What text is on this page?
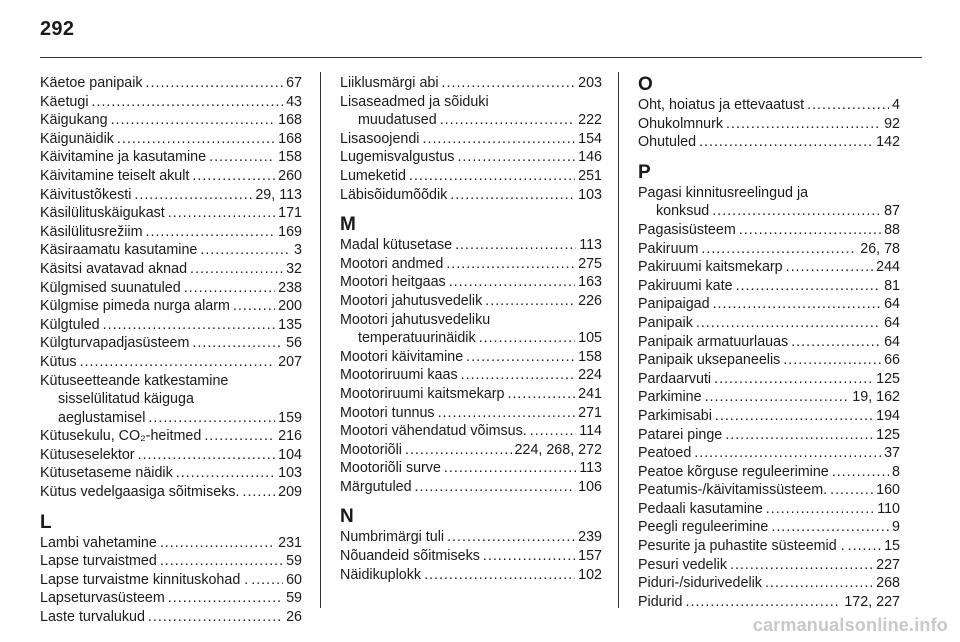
292
Käetoe panipaik .....	67
Käetugi .....	43
Käigukang .....	168
Käigunäidik .....	168
Käivitamine ja kasutamine .....	158
Käivitamine teiselt akult .....	260
Käivitustõkesti .....	29, 113
Käsilülituskäigukast .....	171
Käsilülitusrežiim .....	169
Käsiraamatu kasutamine .....	3
Käsitsi avatavad aknad .....	32
Külgmised suunatuled .....	238
Külgmise pimeda nurga alarm .....	200
Külgtuled .....	135
Külgturvapadjasüsteem .....	56
Kütus .....	207
Kütuseetteande katkestamine
sisselülitatud käiguga
aeglustamisel .....	159
Kütusekulu, CO₂-heitmed .....	216
Kütuseselektor .....	104
Kütusetaseme näidik .....	103
Kütus vedelgaasiga sõitmiseks. .....	209
L
Lambi vahetamine .....	231
Lapse turvaistmed .....	59
Lapse turvaistme kinnituskohad . .....	60
Lapseturvasüsteem .....	59
Laste turvalukud .....	26
Liiklusmärgi abi .....	203
Lisaseadmed ja sõiduki
muudatused .....	222
Lisasoojendi .....	154
Lugemisvalgustus .....	146
Lumeketid .....	251
Läbisõidumõõdik .....	103
M
Madal kütusetase .....	113
Mootori andmed .....	275
Mootori heitgaas .....	163
Mootori jahutusvedelik .....	226
Mootori jahutusvedeliku
temperatuurinäidik .....	105
Mootori käivitamine .....	158
Mootoriruumi kaas .....	224
Mootoriruumi kaitsmekarp .....	241
Mootori tunnus .....	271
Mootori vähendatud võimsus. .....	114
Mootoriõli .....	224, 268, 272
Mootoriõli surve .....	113
Märgutuled .....	106
N
Numbrimärgi tuli .....	239
Nõuandeid sõitmiseks .....	157
Näidikuplokk .....	102
O
Oht, hoiatus ja ettevaatust .....	4
Ohukolmnurk .....	92
Ohutuled .....	142
P
Pagasi kinnitusreelingud ja
konksud .....	87
Pagasisüsteem .....	88
Pakiruum .....	26, 78
Pakiruumi kaitsmekarp .....	244
Pakiruumi kate .....	81
Panipaigad .....	64
Panipaik .....	64
Panipaik armatuurlauas .....	64
Panipaik uksepaneelis .....	66
Pardaarvuti .....	125
Parkimine .....	19, 162
Parkimisabi .....	194
Patarei pinge .....	125
Peatoed .....	37
Peatoe kõrguse reguleerimine .....	8
Peatumis-/käivitamissüsteem. .....	160
Pedaali kasutamine .....	110
Peegli reguleerimine .....	9
Pesurite ja puhastite süsteemid . .....	15
Pesuri vedelik .....	227
Piduri-/sidurivedelik .....	268
Pidurid .....	172, 227
carmanualsonline.info
